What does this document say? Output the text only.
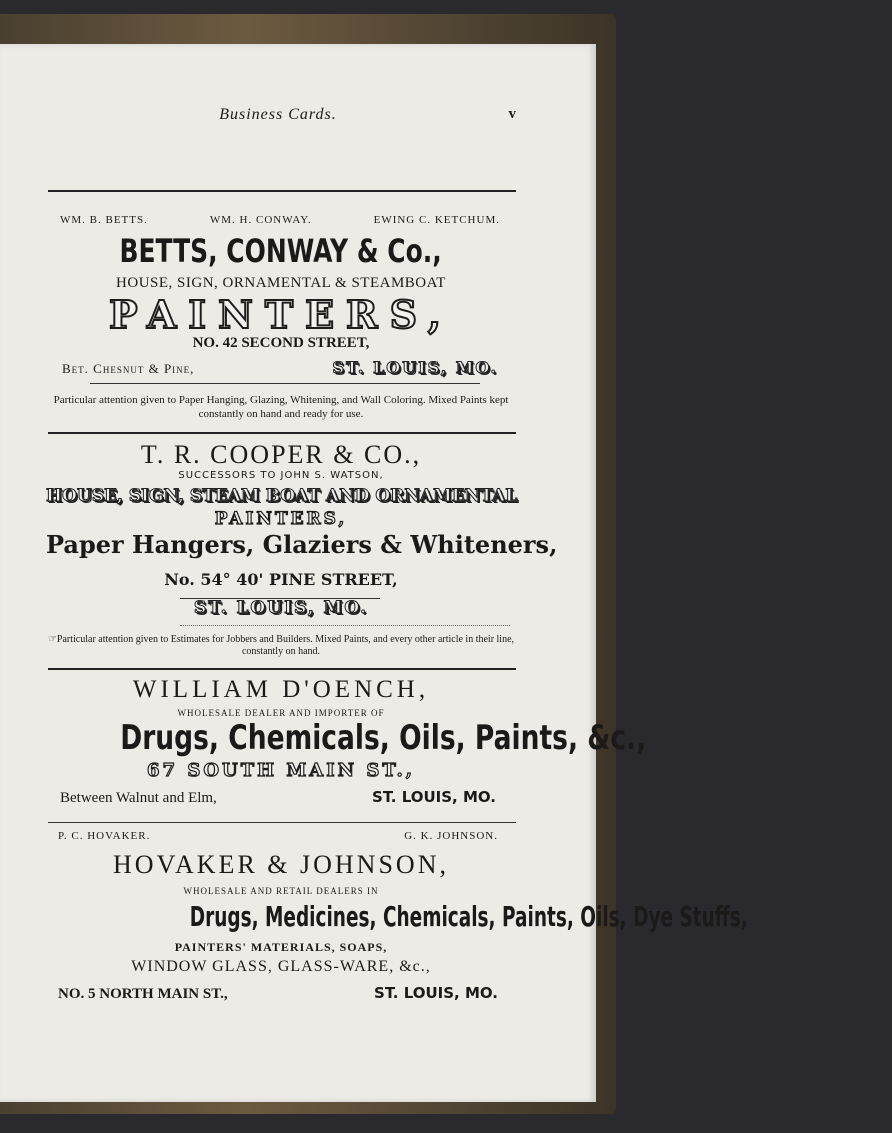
Business Cards.	v
WM. B. BETTS.	WM. H. CONWAY.	EWING C. KETCHUM.
BETTS, CONWAY & Co.,
HOUSE, SIGN, ORNAMENTAL & STEAMBOAT
PAINTERS,
NO. 42 SECOND STREET,
Bet. Chesnut & Pine,	ST. LOUIS, MO.
Particular attention given to Paper Hanging, Glazing, Whitening, and Wall Coloring. Mixed Paints kept constantly on hand and ready for use.
T. R. COOPER & CO.,
SUCCESSORS TO JOHN S. WATSON,
HOUSE, SIGN, STEAM BOAT AND ORNAMENTAL
PAINTERS,
Paper Hangers, Glaziers & Whiteners,
No. 54° 40' PINE STREET,
ST. LOUIS, MO.
☞Particular attention given to Estimates for Jobbers and Builders. Mixed Paints, and every other article in their line, constantly on hand.
WILLIAM D'OENCH,
WHOLESALE DEALER AND IMPORTER OF
Drugs, Chemicals, Oils, Paints, &c.,
67 SOUTH MAIN ST.,
Between Walnut and Elm,	ST. LOUIS, MO.
P. C. HOVAKER.	G. K. JOHNSON.
HOVAKER & JOHNSON,
WHOLESALE AND RETAIL DEALERS IN
Drugs, Medicines, Chemicals, Paints, Oils, Dye Stuffs,
PAINTERS' MATERIALS, SOAPS,
WINDOW GLASS, GLASS-WARE, &c.,
NO. 5 NORTH MAIN ST.,	ST. LOUIS, MO.
